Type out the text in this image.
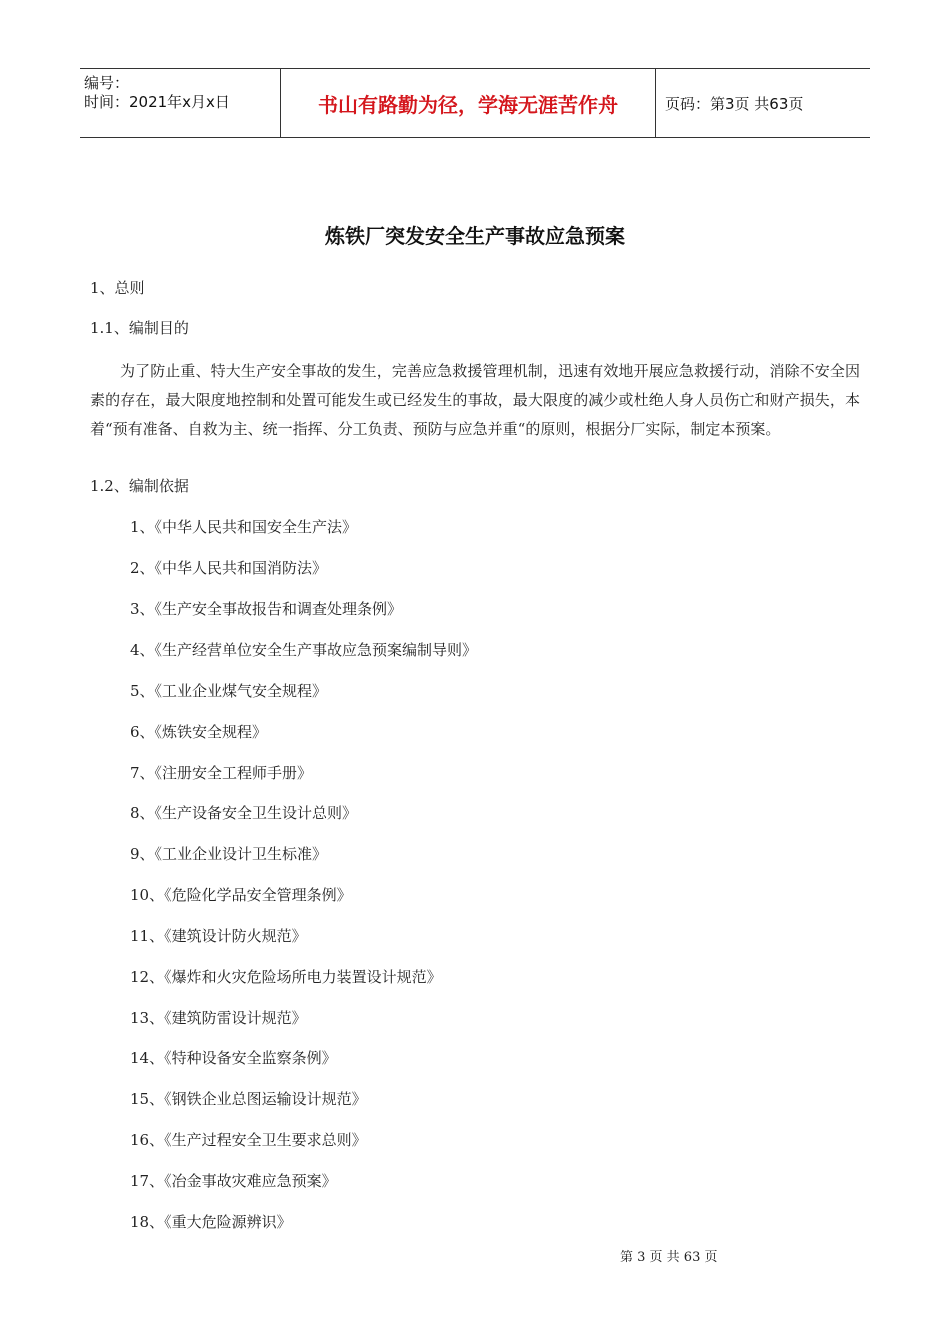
编号：
时间：2021年x月x日	书山有路勤为径，学海无涯苦作舟	页码：第3页 共63页
炼铁厂突发安全生产事故应急预案
1、总则
1.1、编制目的
为了防止重、特大生产安全事故的发生，完善应急救援管理机制，迅速有效地开展应急救援行动，消除不安全因素的存在，最大限度地控制和处置可能发生或已经发生的事故，最大限度的减少或杜绝人身人员伤亡和财产损失，本着“预有准备、自救为主、统一指挥、分工负责、预防与应急并重“的原则，根据分厂实际，制定本预案。
1.2、编制依据
1、《中华人民共和国安全生产法》
2、《中华人民共和国消防法》
3、《生产安全事故报告和调查处理条例》
4、《生产经营单位安全生产事故应急预案编制导则》
5、《工业企业煤气安全规程》
6、《炼铁安全规程》
7、《注册安全工程师手册》
8、《生产设备安全卫生设计总则》
9、《工业企业设计卫生标准》
10、《危险化学品安全管理条例》
11、《建筑设计防火规范》
12、《爆炸和火灾危险场所电力装置设计规范》
13、《建筑防雷设计规范》
14、《特种设备安全监察条例》
15、《钢铁企业总图运输设计规范》
16、《生产过程安全卫生要求总则》
17、《冶金事故灾难应急预案》
18、《重大危险源辨识》
第 3 页 共 63 页
